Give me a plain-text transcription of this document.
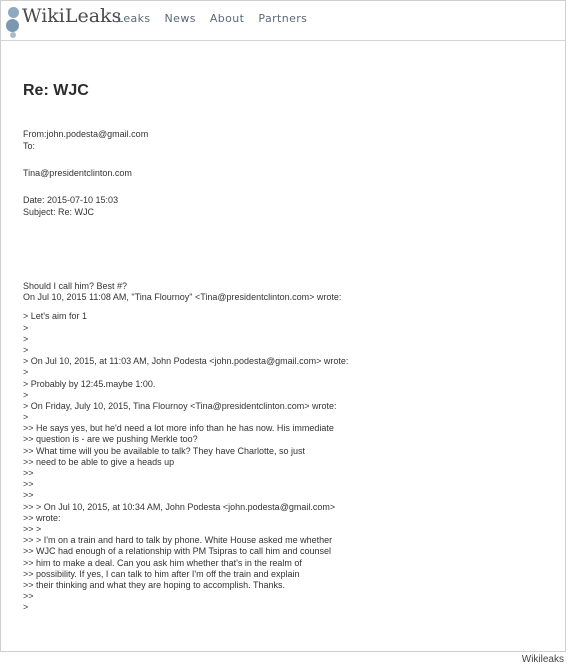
WikiLeaks
Leaks News About Partners
Re: WJC
From:john.podesta@gmail.com
To:
Tina@presidentclinton.com
Date: 2015-07-10 15:03
Subject: Re: WJC
Should I call him? Best #?
On Jul 10, 2015 11:08 AM, "Tina Flournoy" <Tina@presidentclinton.com> wrote:
> Let's aim for 1
>
>
>
> On Jul 10, 2015, at 11:03 AM, John Podesta <john.podesta@gmail.com> wrote:
>
> Probably by 12:45.maybe 1:00.
>
> On Friday, July 10, 2015, Tina Flournoy <Tina@presidentclinton.com> wrote:
>
>> He says yes, but he'd need a lot more info than he has now. His immediate
>> question is - are we pushing Merkle too?
>> What time will you be available to talk? They have Charlotte, so just
>> need to be able to give a heads up
>>
>>
>>
>> > On Jul 10, 2015, at 10:34 AM, John Podesta <john.podesta@gmail.com>
>> wrote:
>> >
>> > I'm on a train and hard to talk by phone. White House asked me whether
>> WJC had enough of a relationship with PM Tsipras to call him and counsel
>> him to make a deal. Can you ask him whether that's in the realm of
>> possibility. If yes, I can talk to him after I'm off the train and explain
>> their thinking and what they are hoping to accomplish. Thanks.
>>
>
Wikileaks
